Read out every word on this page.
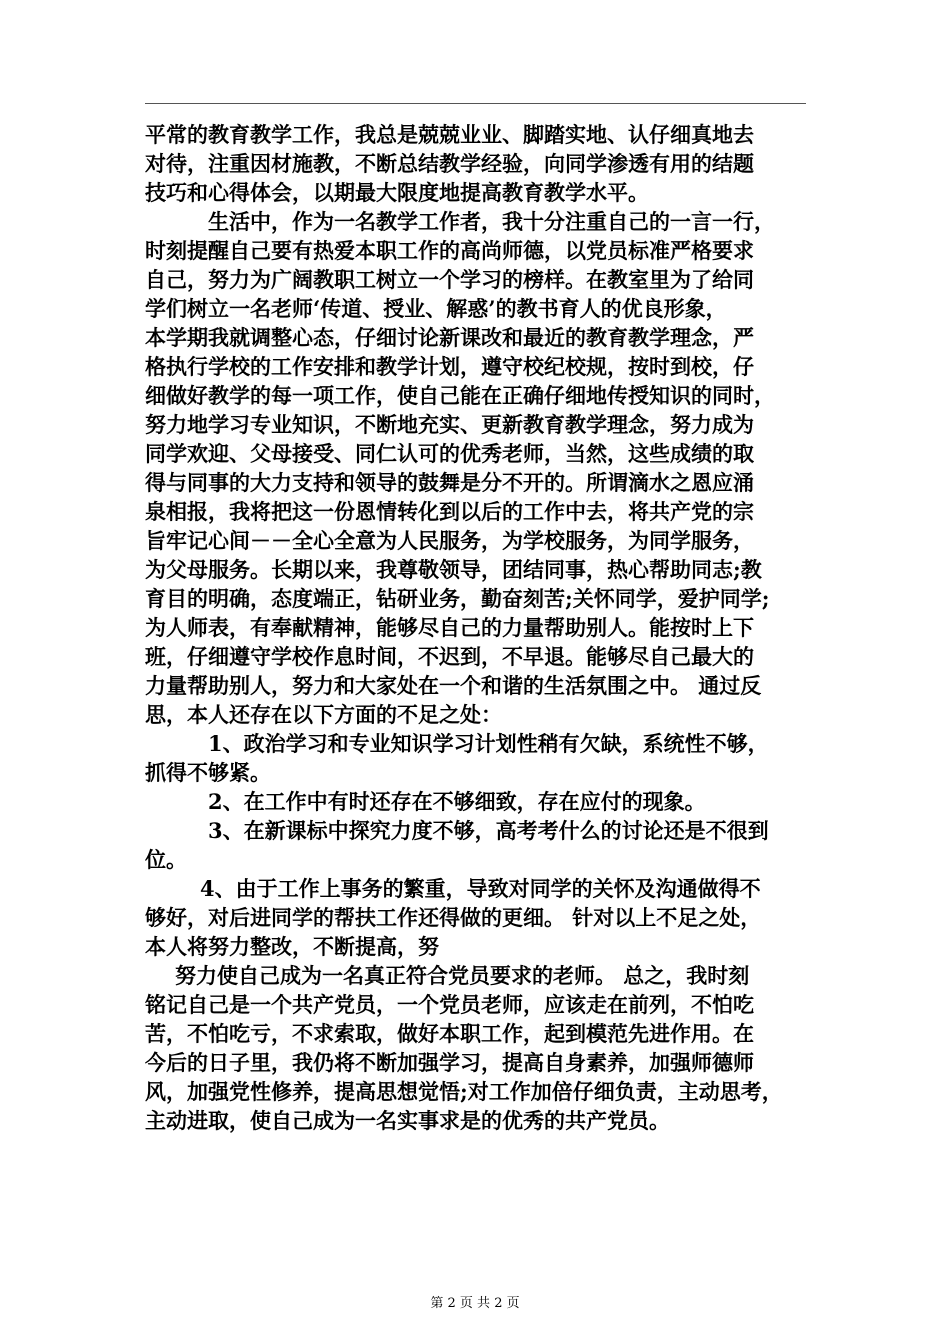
平常的教育教学工作，我总是兢兢业业、脚踏实地、认仔细真地去
对待，注重因材施教，不断总结教学经验，向同学渗透有用的结题
技巧和心得体会，以期最大限度地提高教育教学水平。
生活中，作为一名教学工作者，我十分注重自己的一言一行，
时刻提醒自己要有热爱本职工作的高尚师德，以党员标准严格要求
自己，努力为广阔教职工树立一个学习的榜样。在教室里为了给同
学们树立一名老师‘传道、授业、解惑’的教书育人的优良形象，
本学期我就调整心态，仔细讨论新课改和最近的教育教学理念，严
格执行学校的工作安排和教学计划，遵守校纪校规，按时到校，仔
细做好教学的每一项工作，使自己能在正确仔细地传授知识的同时，
努力地学习专业知识，不断地充实、更新教育教学理念，努力成为
同学欢迎、父母接受、同仁认可的优秀老师，当然，这些成绩的取
得与同事的大力支持和领导的鼓舞是分不开的。所谓滴水之恩应涌
泉相报，我将把这一份恩情转化到以后的工作中去，将共产党的宗
旨牢记心间－－全心全意为人民服务，为学校服务，为同学服务，
为父母服务。长期以来，我尊敬领导，团结同事，热心帮助同志;教
育目的明确，态度端正，钻研业务，勤奋刻苦;关怀同学，爱护同学;
为人师表，有奉献精神，能够尽自己的力量帮助别人。能按时上下
班，仔细遵守学校作息时间，不迟到，不早退。能够尽自己最大的
力量帮助别人，努力和大家处在一个和谐的生活氛围之中。 通过反
思，本人还存在以下方面的不足之处：
1、政治学习和专业知识学习计划性稍有欠缺，系统性不够，
抓得不够紧。
2、在工作中有时还存在不够细致，存在应付的现象。
3、在新课标中探究力度不够，高考考什么的讨论还是不很到
位。
4、由于工作上事务的繁重，导致对同学的关怀及沟通做得不
够好，对后进同学的帮扶工作还得做的更细。 针对以上不足之处，
本人将努力整改，不断提高，努
努力使自己成为一名真正符合党员要求的老师。 总之，我时刻
铭记自己是一个共产党员，一个党员老师，应该走在前列，不怕吃
苦，不怕吃亏，不求索取，做好本职工作，起到模范先进作用。在
今后的日子里，我仍将不断加强学习，提高自身素养，加强师德师
风，加强党性修养，提高思想觉悟;对工作加倍仔细负责，主动思考，
主动进取，使自己成为一名实事求是的优秀的共产党员。
第 2 页 共 2 页
